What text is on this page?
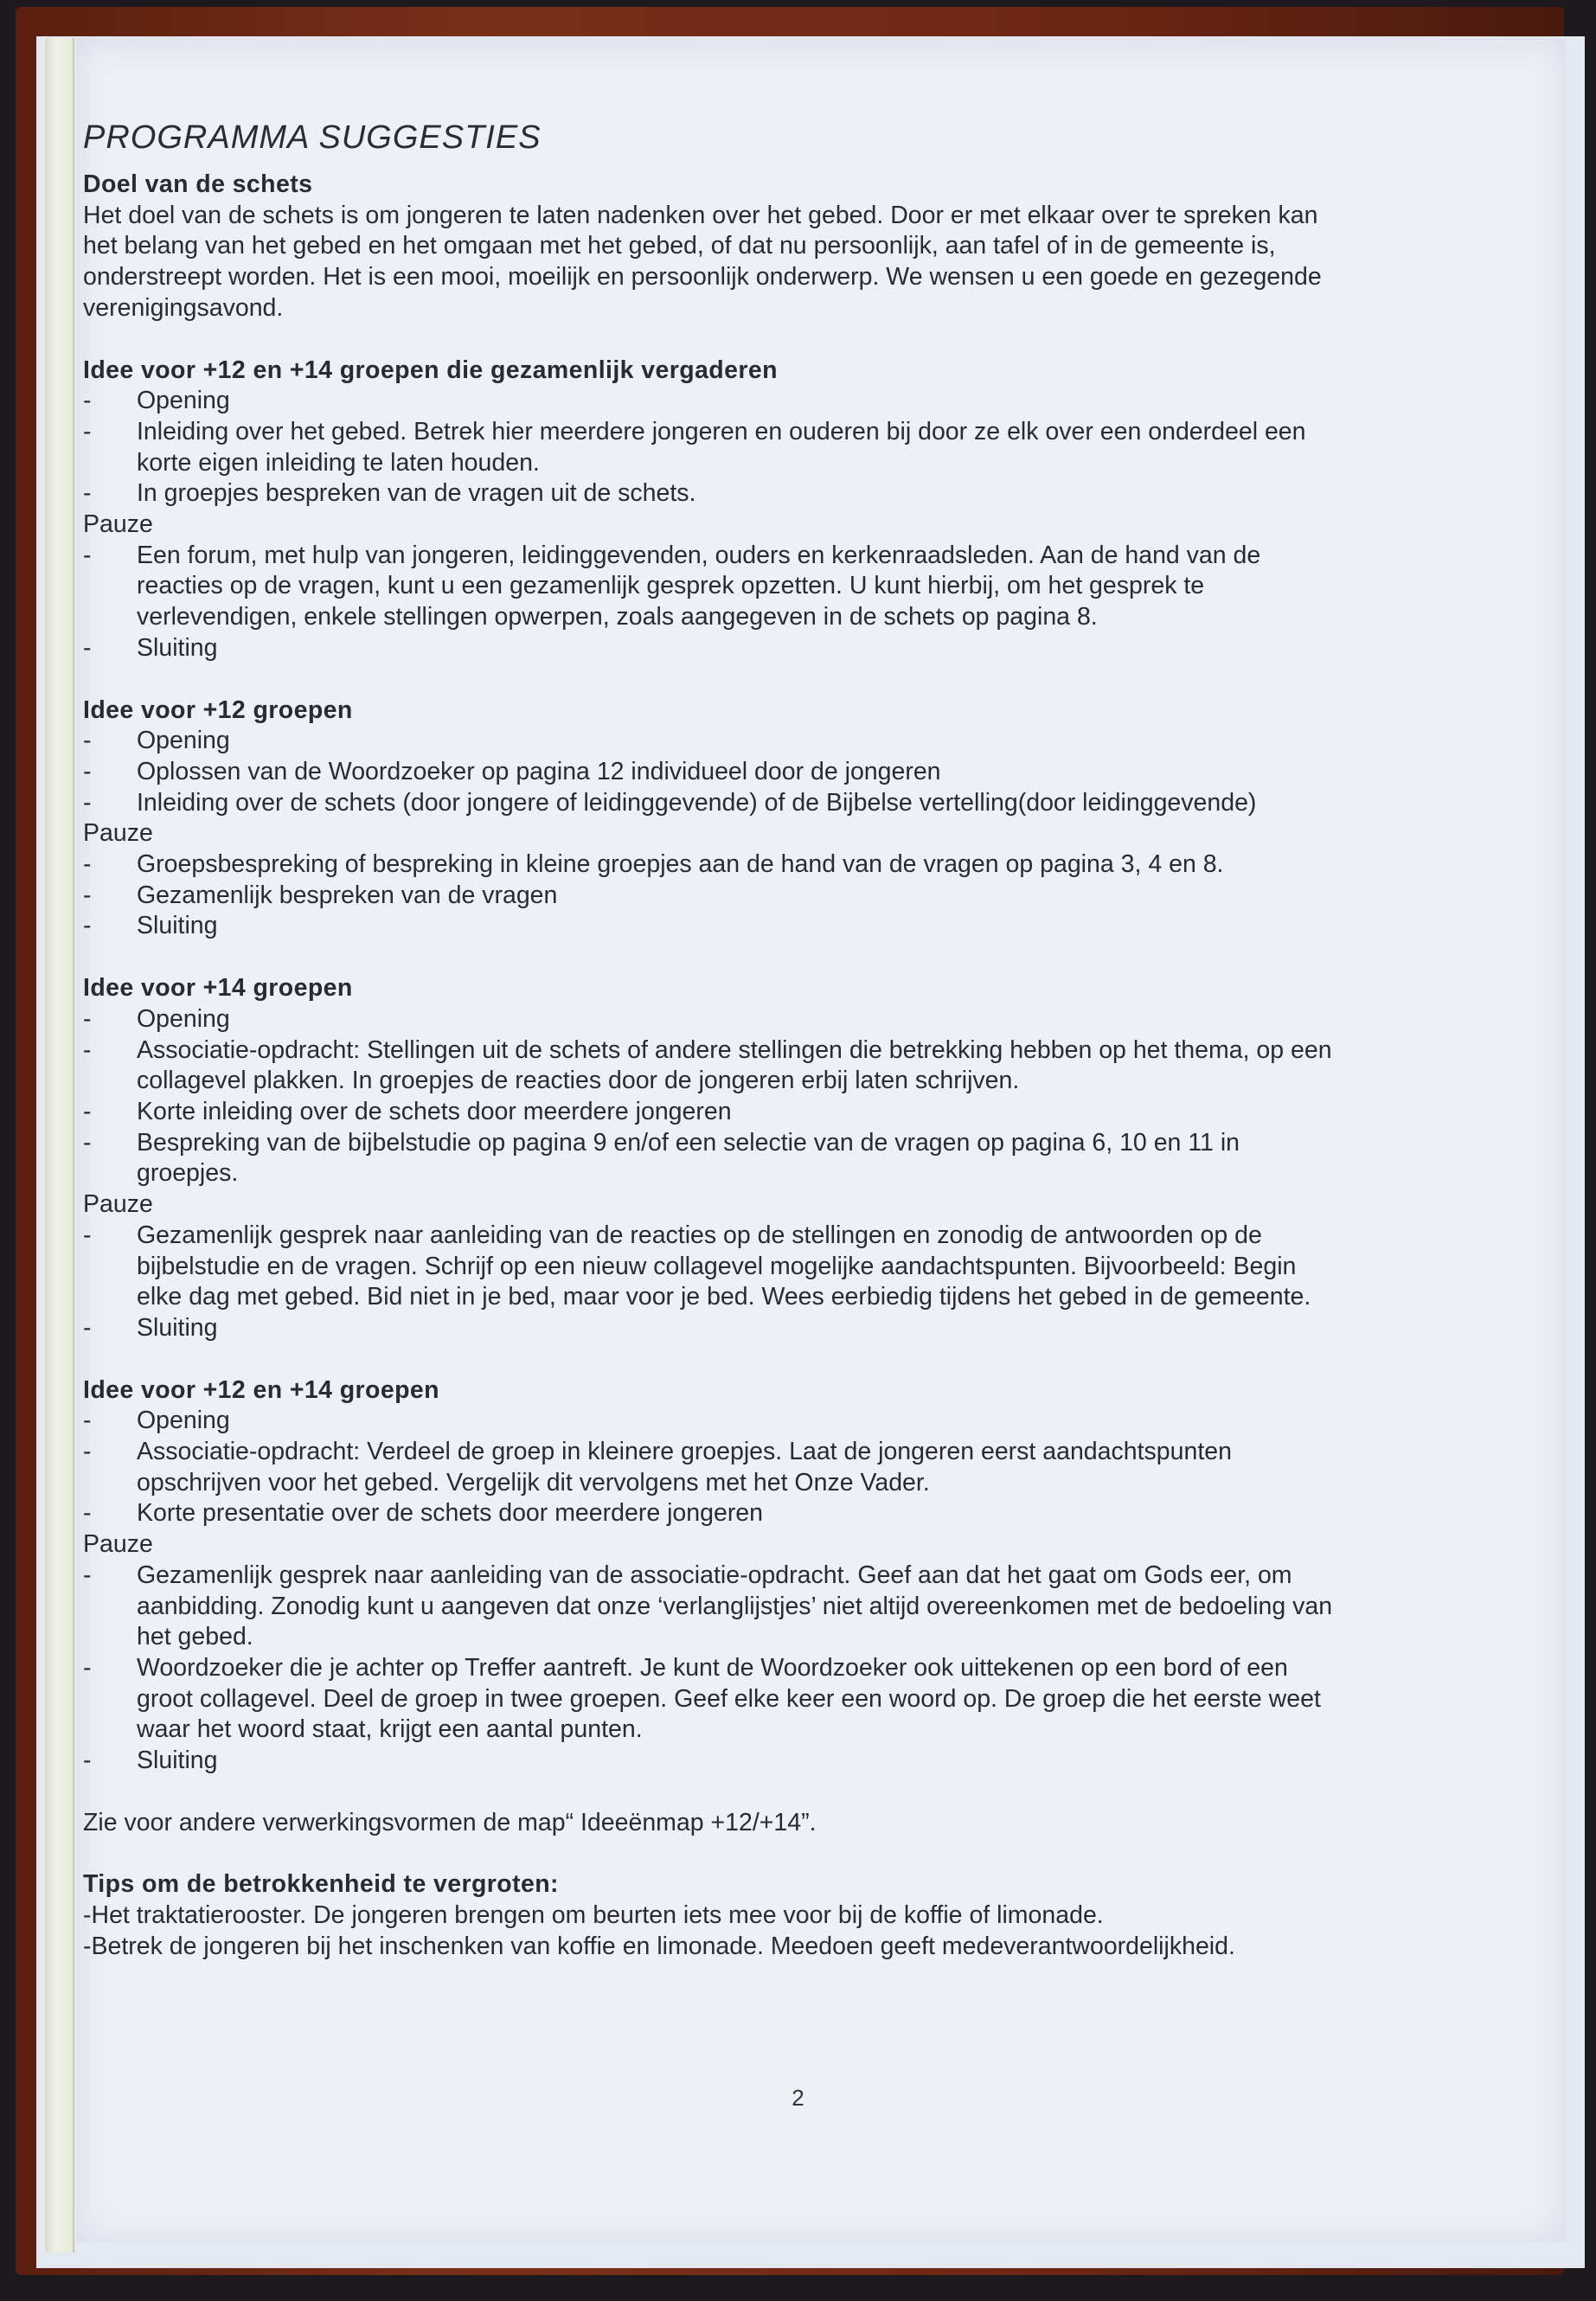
PROGRAMMA SUGGESTIES

Doel van de schets

Het doel van de schets is om jongeren te laten nadenken over het gebed. Door er met elkaar over te spreken kan

het belang van het gebed en het omgaan met het gebed, of dat nu persoonlijk, aan tafel of in de gemeente is,

onderstreept worden. Het is een mooi, moeilijk en persoonlijk onderwerp. We wensen u een goede en gezegende

verenigingsavond.

Idee voor +12 en +14 groepen die gezamenlijk vergaderen

-	Opening
-	Inleiding over het gebed. Betrek hier meerdere jongeren en ouderen bij door ze elk over een onderdeel een
korte eigen inleiding te laten houden.
-	In groepjes bespreken van de vragen uit de schets.

Pauze

-	Een forum, met hulp van jongeren, leidinggevenden, ouders en kerkenraadsleden. Aan de hand van de
reacties op de vragen, kunt u een gezamenlijk gesprek opzetten. U kunt hierbij, om het gesprek te
verlevendigen, enkele stellingen opwerpen, zoals aangegeven in de schets op pagina 8.
-	Sluiting

Idee voor +12 groepen

-	Opening
-	Oplossen van de Woordzoeker op pagina 12 individueel door de jongeren
-	Inleiding over de schets (door jongere of leidinggevende) of de Bijbelse vertelling(door leidinggevende)

Pauze

-	Groepsbespreking of bespreking in kleine groepjes aan de hand van de vragen op pagina 3, 4 en 8.
-	Gezamenlijk bespreken van de vragen
-	Sluiting

Idee voor +14 groepen

-	Opening
-	Associatie-opdracht: Stellingen uit de schets of andere stellingen die betrekking hebben op het thema, op een
collagevel plakken. In groepjes de reacties door de jongeren erbij laten schrijven.
-	Korte inleiding over de schets door meerdere jongeren
-	Bespreking van de bijbelstudie op pagina 9 en/of een selectie van de vragen op pagina 6, 10 en 11 in
groepjes.

Pauze

-	Gezamenlijk gesprek naar aanleiding van de reacties op de stellingen en zonodig de antwoorden op de
bijbelstudie en de vragen. Schrijf op een nieuw collagevel mogelijke aandachtspunten. Bijvoorbeeld: Begin
elke dag met gebed. Bid niet in je bed, maar voor je bed. Wees eerbiedig tijdens het gebed in de gemeente.
-	Sluiting

Idee voor +12 en +14 groepen

-	Opening
-	Associatie-opdracht: Verdeel de groep in kleinere groepjes. Laat de jongeren eerst aandachtspunten
opschrijven voor het gebed. Vergelijk dit vervolgens met het Onze Vader.
-	Korte presentatie over de schets door meerdere jongeren

Pauze

-	Gezamenlijk gesprek naar aanleiding van de associatie-opdracht. Geef aan dat het gaat om Gods eer, om
aanbidding. Zonodig kunt u aangeven dat onze ‘verlanglijstjes’ niet altijd overeenkomen met de bedoeling van
het gebed.
-	Woordzoeker die je achter op Treffer aantreft. Je kunt de Woordzoeker ook uittekenen op een bord of een
groot collagevel. Deel de groep in twee groepen. Geef elke keer een woord op. De groep die het eerste weet
waar het woord staat, krijgt een aantal punten.
-	Sluiting

Zie voor andere verwerkingsvormen de map“ Ideeënmap +12/+14”.

Tips om de betrokkenheid te vergroten:

-Het traktatierooster. De jongeren brengen om beurten iets mee voor bij de koffie of limonade.

-Betrek de jongeren bij het inschenken van koffie en limonade. Meedoen geeft medeverantwoordelijkheid.

2
